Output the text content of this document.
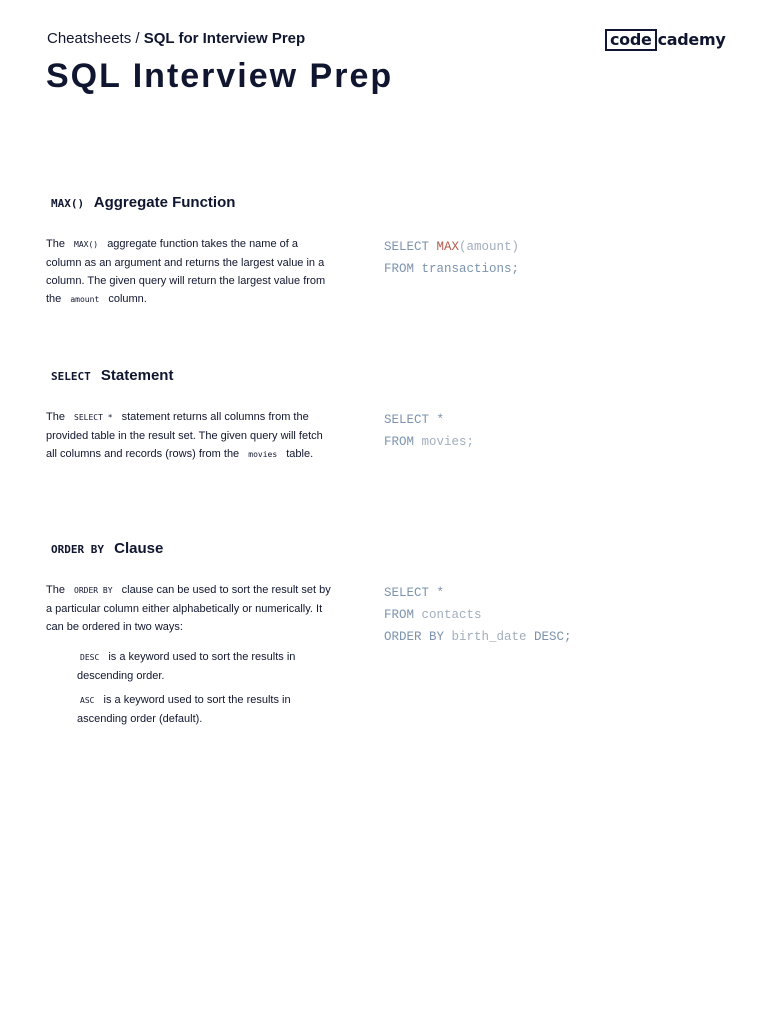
Cheatsheets / SQL for Interview Prep	code cademy
SQL Interview Prep
MAX() Aggregate Function

The MAX() aggregate function takes the name of a column as an argument and returns the largest value in a column. The given query will return the largest value from the amount column.

SELECT MAX(amount)
FROM transactions;
SELECT Statement

The SELECT * statement returns all columns from the provided table in the result set. The given query will fetch all columns and records (rows) from the movies table.

SELECT *
FROM movies;
ORDER BY Clause

The ORDER BY clause can be used to sort the result set by a particular column either alphabetically or numerically. It can be ordered in two ways:

DESC is a keyword used to sort the results in descending order.
ASC is a keyword used to sort the results in ascending order (default).
SELECT *
FROM contacts
ORDER BY birth_date DESC;
